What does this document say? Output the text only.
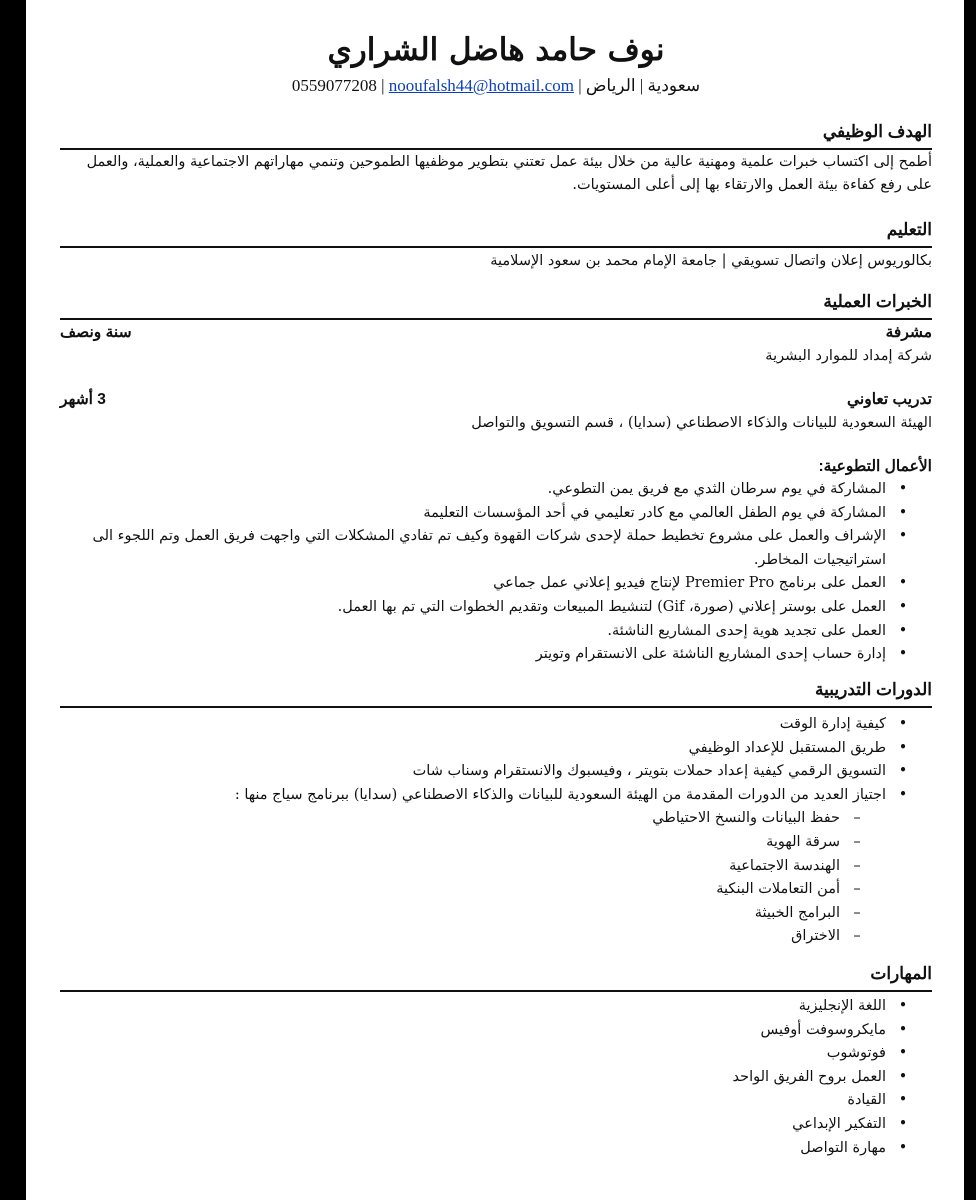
نوف حامد هاضل الشراري
0559077208 | nooufalsh44@hotmail.com | سعودية | الرياض
الهدف الوظيفي
أطمح إلى اكتساب خبرات علمية ومهنية عالية من خلال بيئة عمل تعتني بتطوير موظفيها الطموحين وتنمي مهاراتهم الاجتماعية والعملية، والعمل على رفع كفاءة بيئة العمل والارتقاء بها إلى أعلى المستويات.
التعليم
بكالوريوس إعلان واتصال تسويقي | جامعة الإمام محمد بن سعود الإسلامية
الخبرات العملية
مشرفة
سنة ونصف
شركة إمداد للموارد البشرية
تدريب تعاوني
3 أشهر
الهيئة السعودية للبيانات والذكاء الاصطناعي (سدايا) ، قسم التسويق والتواصل
الأعمال التطوعية:
•
المشاركة في يوم سرطان الثدي مع فريق يمن التطوعي.
•
المشاركة في يوم الطفل العالمي مع كادر تعليمي في أحد المؤسسات التعليمة
•
الإشراف والعمل على مشروع تخطيط حملة لإحدى شركات القهوة وكيف تم تفادي المشكلات التي واجهت فريق العمل وتم اللجوء الى استراتيجيات المخاطر.
•
العمل على برنامج Premier Pro لإنتاج فيديو إعلاني عمل جماعي
•
العمل على بوستر إعلاني (صورة، Gif) لتنشيط المبيعات وتقديم الخطوات التي تم بها العمل.
•
العمل على تجديد هوية إحدى المشاريع الناشئة.
•
إدارة حساب إحدى المشاريع الناشئة على الانستقرام وتويتر
الدورات التدريبية
•
كيفية إدارة الوقت
•
طريق المستقبل للإعداد الوظيفي
•
التسويق الرقمي كيفية إعداد حملات بتويتر ، وفيسبوك والانستقرام وسناب شات
•
اجتياز العديد من الدورات المقدمة من الهيئة السعودية للبيانات والذكاء الاصطناعي (سدايا) ببرنامج سياج منها :
–
حفظ البيانات والنسخ الاحتياطي
–
سرقة الهوية
–
الهندسة الاجتماعية
–
أمن التعاملات البنكية
–
البرامج الخبيثة
–
الاختراق
المهارات
•
اللغة الإنجليزية
•
مايكروسوفت أوفيس
•
فوتوشوب
•
العمل بروح الفريق الواحد
•
القيادة
•
التفكير الإبداعي
•
مهارة التواصل
